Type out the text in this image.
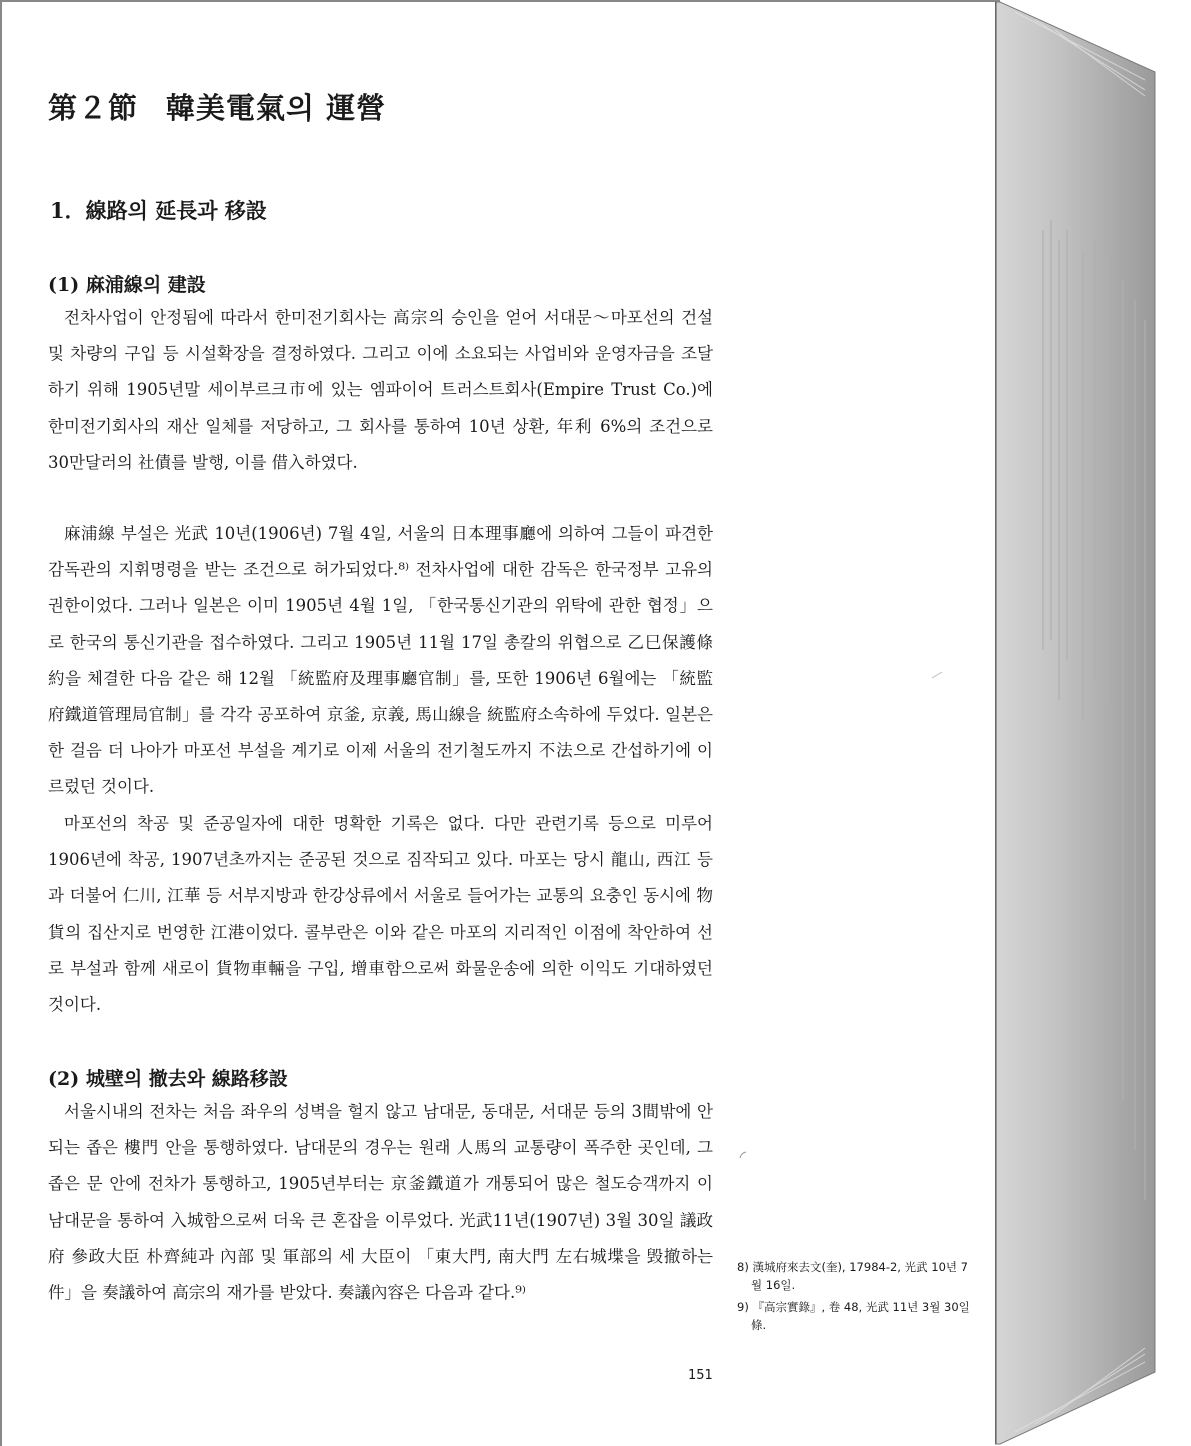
第２節 韓美電氣의 運營
1．線路의 延長과 移設
(1) 麻浦線의 建設

전차사업이 안정됨에 따라서 한미전기회사는 高宗의 승인을 얻어 서대문～마포선의 건설 및 차량의 구입 등 시설확장을 결정하였다. 그리고 이에 소요되는 사업비와 운영자금을 조달하기 위해 1905년말 세이부르크市에 있는 엠파이어 트러스트회사(Empire Trust Co.)에 한미전기회사의 재산 일체를 저당하고, 그 회사를 통하여 10년 상환, 年利 6%의 조건으로 30만달러의 社債를 발행, 이를 借入하였다.

麻浦線 부설은 光武 10년(1906년) 7월 4일, 서울의 日本理事廳에 의하여 그들이 파견한 감독관의 지휘명령을 받는 조건으로 허가되었다.⁸⁾ 전차사업에 대한 감독은 한국정부 고유의 권한이었다. 그러나 일본은 이미 1905년 4월 1일, 「한국통신기관의 위탁에 관한 협정」으로 한국의 통신기관을 접수하였다. 그리고 1905년 11월 17일 총칼의 위협으로 乙巳保護條約을 체결한 다음 같은 해 12월 「統監府及理事廳官制」를, 또한 1906년 6월에는 「統監府鐵道管理局官制」를 각각 공포하여 京釜, 京義, 馬山線을 統監府소속하에 두었다. 일본은 한 걸음 더 나아가 마포선 부설을 계기로 이제 서울의 전기철도까지 不法으로 간섭하기에 이르렀던 것이다.

마포선의 착공 및 준공일자에 대한 명확한 기록은 없다. 다만 관련기록 등으로 미루어 1906년에 착공, 1907년초까지는 준공된 것으로 짐작되고 있다. 마포는 당시 龍山, 西江 등과 더불어 仁川, 江華 등 서부지방과 한강상류에서 서울로 들어가는 교통의 요충인 동시에 物貨의 집산지로 번영한 江港이었다. 콜부란은 이와 같은 마포의 지리적인 이점에 착안하여 선로 부설과 함께 새로이 貨物車輛을 구입, 增車함으로써 화물운송에 의한 이익도 기대하였던 것이다.

(2) 城壁의 撤去와 線路移設

서울시내의 전차는 처음 좌우의 성벽을 헐지 않고 남대문, 동대문, 서대문 등의 3間밖에 안 되는 좁은 樓門 안을 통행하였다. 남대문의 경우는 원래 人馬의 교통량이 폭주한 곳인데, 그 좁은 문 안에 전차가 통행하고, 1905년부터는 京釜鐵道가 개통되어 많은 철도승객까지 이 남대문을 통하여 入城함으로써 더욱 큰 혼잡을 이루었다. 光武11년(1907년) 3월 30일 議政府 參政大臣 朴齊純과 內部 및 軍部의 세 大臣이 「東大門, 南大門 左右城堞을 毁撤하는 件」을 奏議하여 高宗의 재가를 받았다. 奏議內容은 다음과 같다.⁹⁾

8) 漢城府來去文(奎), 17984-2, 光武 10년 7월 16일.
9) 『高宗實錄』, 卷 48, 光武 11년 3월 30일條.
151
